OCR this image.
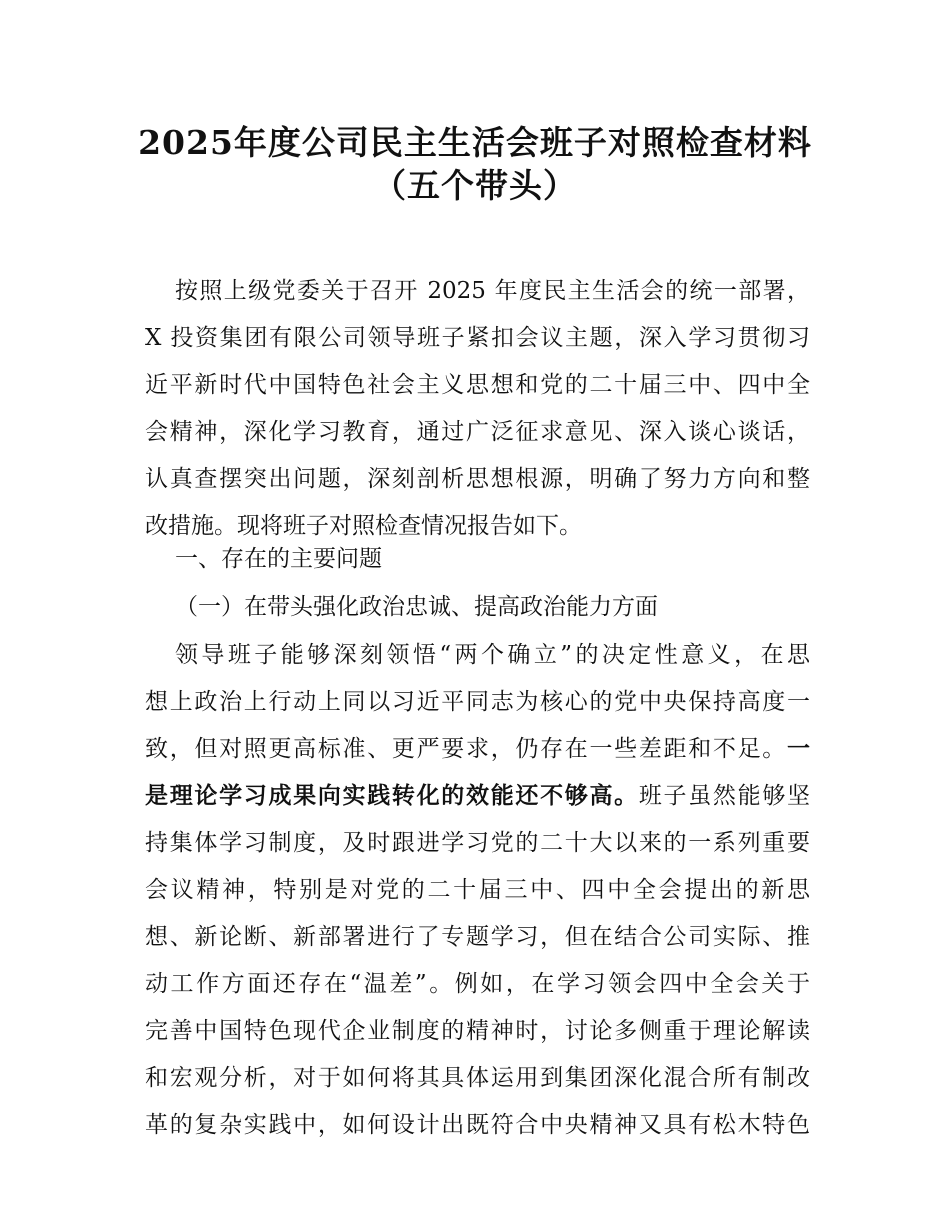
2025年度公司民主生活会班子对照检查材料
（五个带头）
按照上级党委关于召开 2025 年度民主生活会的统一部署，
X 投资集团有限公司领导班子紧扣会议主题，深入学习贯彻习
近平新时代中国特色社会主义思想和党的二十届三中、四中全
会精神，深化学习教育，通过广泛征求意见、深入谈心谈话，
认真查摆突出问题，深刻剖析思想根源，明确了努力方向和整
改措施。现将班子对照检查情况报告如下。
一、存在的主要问题
（一）在带头强化政治忠诚、提高政治能力方面
领导班子能够深刻领悟“两个确立”的决定性意义，在思
想上政治上行动上同以习近平同志为核心的党中央保持高度一
致，但对照更高标准、更严要求，仍存在一些差距和不足。一
是理论学习成果向实践转化的效能还不够高。班子虽然能够坚
持集体学习制度，及时跟进学习党的二十大以来的一系列重要
会议精神，特别是对党的二十届三中、四中全会提出的新思
想、新论断、新部署进行了专题学习，但在结合公司实际、推
动工作方面还存在“温差”。例如，在学习领会四中全会关于
完善中国特色现代企业制度的精神时，讨论多侧重于理论解读
和宏观分析，对于如何将其具体运用到集团深化混合所有制改
革的复杂实践中，如何设计出既符合中央精神又具有松木特色
